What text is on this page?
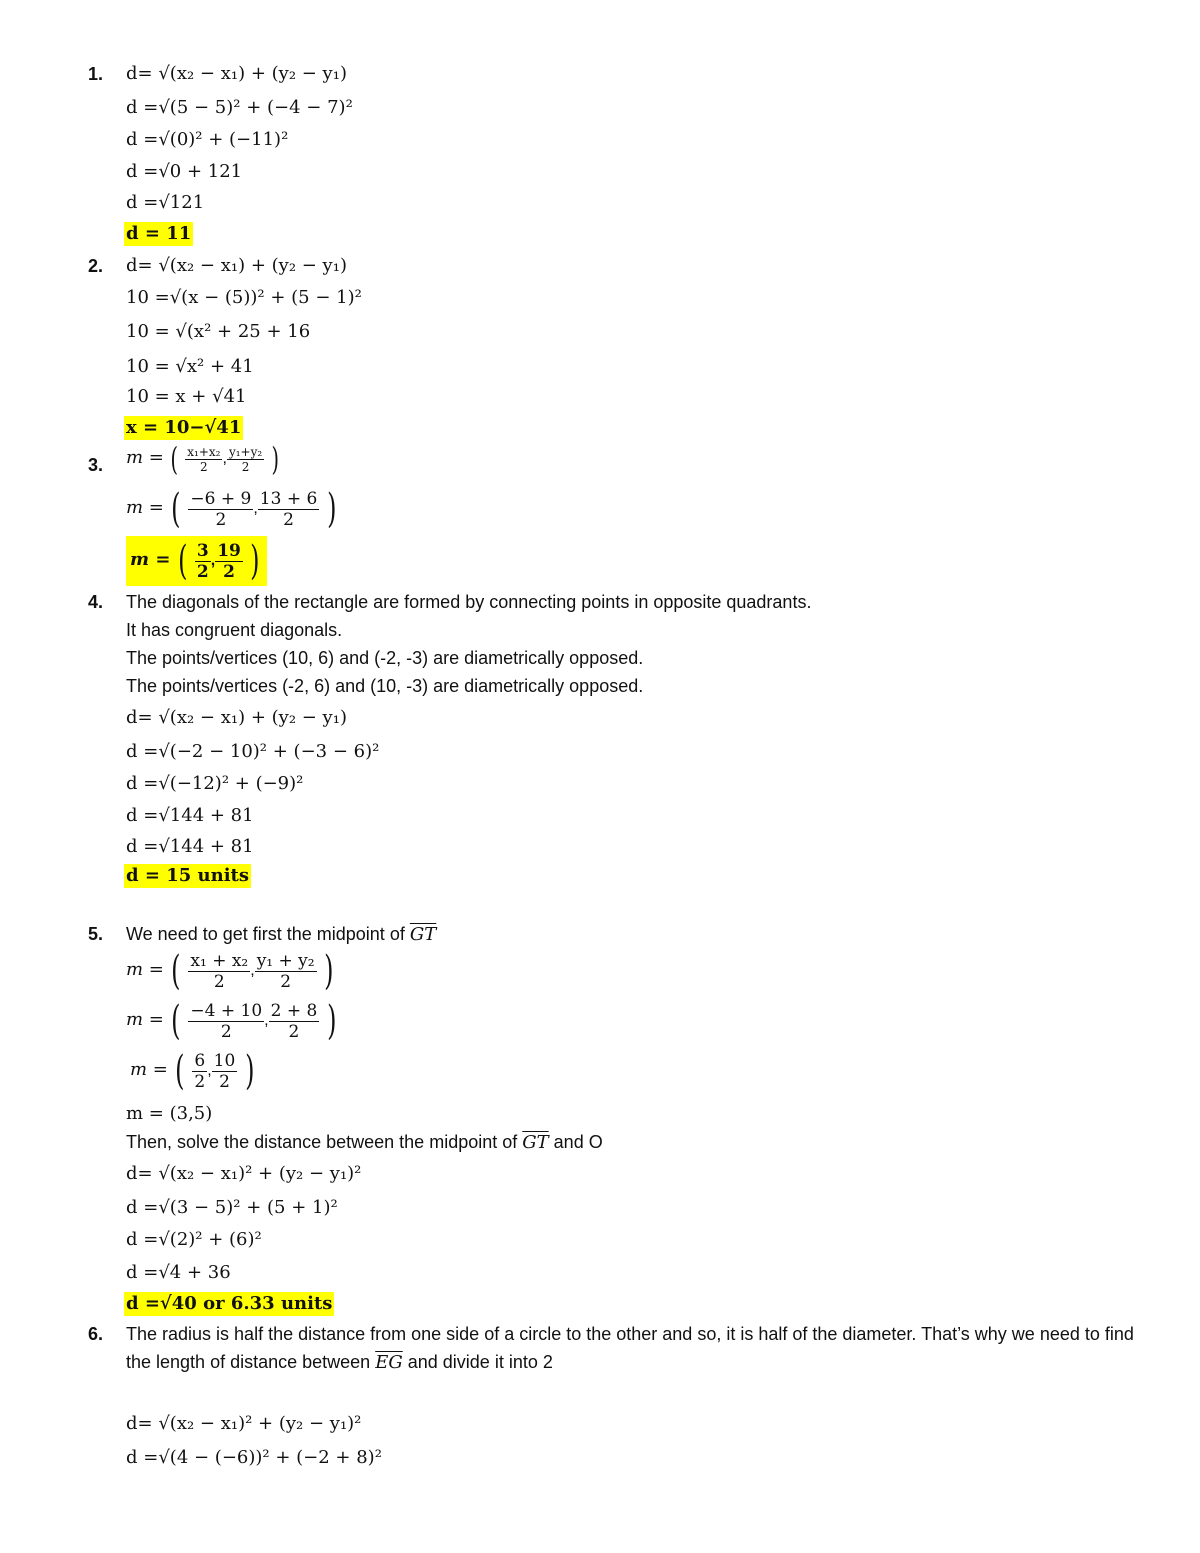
1. d= √(x₂ − x₁) + (y₂ − y₁)
d =√(5 − 5)² + (−4 − 7)²
d =√(0)² + (−11)²
d =√0 + 121
d =√121
d = 11
2. d= √(x₂ − x₁) + (y₂ − y₁)
10 =√(x − (5))² + (5 − 1)²
10 = √(x² + 25 + 16
10 = √x² + 41
10 = x + √41
x = 10−√41
3. m = ( $\frac{\text{x₁+x₂}}{2}$ , $\frac{\text{y₁+y₂}}{2}$ )
m = ( $\frac{-6 + 9}{2}$ , $\frac{13 + 6}{2}$ )
m = ( $\frac{3}{2}$ , $\frac{19}{2}$ )
4. The diagonals of the rectangle are formed by connecting points in opposite quadrants.
It has congruent diagonals.
The points/vertices (10, 6) and (-2, -3) are diametrically opposed.
The points/vertices (-2, 6) and (10, -3) are diametrically opposed.
d= √(x₂ − x₁) + (y₂ − y₁)
d =√(−2 − 10)² + (−3 − 6)²
d =√(−12)² + (−9)²
d =√144 + 81
d =√144 + 81
d = 15 units
5. We need to get first the midpoint of $\overline{GT}$
m = ( $\frac{\text{x₁ + x₂}}{2}$ , $\frac{\text{y₁ + y₂}}{2}$ )
m = ( $\frac{-4 + 10}{2}$ , $\frac{2 + 8}{2}$ )
m = ( $\frac{6}{2}$ , $\frac{10}{2}$ )
m = (3,5)
Then, solve the distance between the midpoint of $\overline{GT}$ and O
d= √(x₂ − x₁)² + (y₂ − y₁)²
d =√(3 − 5)² + (5 + 1)²
d =√(2)² + (6)²
d =√4 + 36
d =√40 or 6.33 units
6. The radius is half the distance from one side of a circle to the other and so, it is half of the diameter. That’s why we need to find the length of distance between $\overline{EG}$ and divide it into 2
d= √(x₂ − x₁)² + (y₂ − y₁)²
d =√(4 − (−6))² + (−2 + 8)²
